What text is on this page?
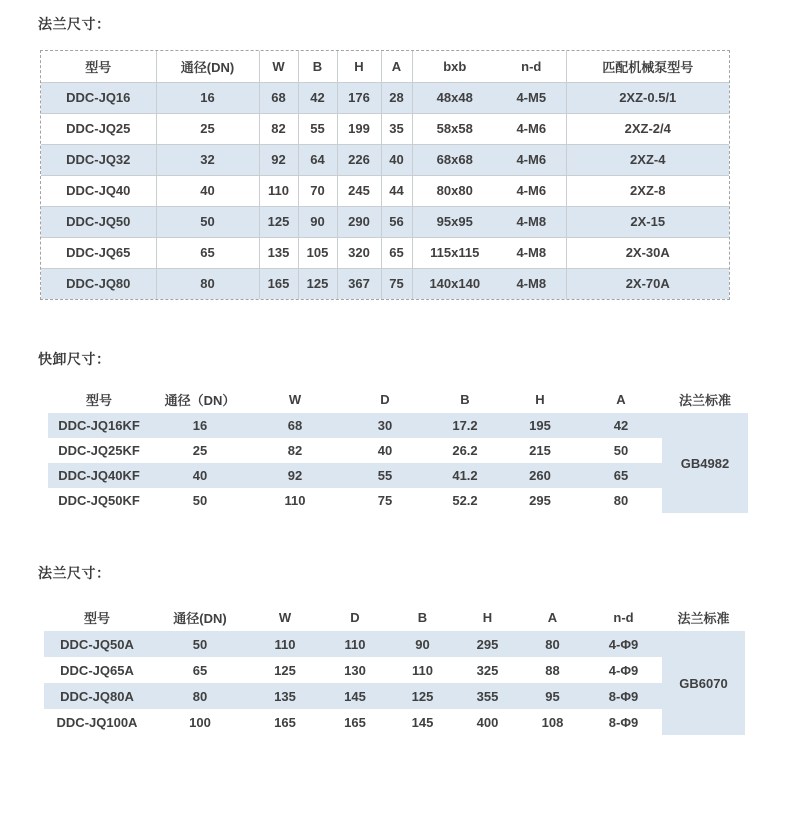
法兰尺寸：
型号	通径(DN)	W	B	H	A	bxb	n-d	匹配机械泵型号
DDC-JQ16	16	68	42	176	28	48x48	4-M5	2XZ-0.5/1
DDC-JQ25	25	82	55	199	35	58x58	4-M6	2XZ-2/4
DDC-JQ32	32	92	64	226	40	68x68	4-M6	2XZ-4
DDC-JQ40	40	110	70	245	44	80x80	4-M6	2XZ-8
DDC-JQ50	50	125	90	290	56	95x95	4-M8	2X-15
DDC-JQ65	65	135	105	320	65	115x115	4-M8	2X-30A
DDC-JQ80	80	165	125	367	75	140x140	4-M8	2X-70A
快卸尺寸：
型号	通径（DN）	W	D	B	H	A	法兰标准
DDC-JQ16KF	16	68	30	17.2	195	42	GB4982
DDC-JQ25KF	25	82	40	26.2	215	50	
DDC-JQ40KF	40	92	55	41.2	260	65	
DDC-JQ50KF	50	110	75	52.2	295	80	
法兰尺寸：
型号	通径(DN)	W	D	B	H	A	n-d	法兰标准
DDC-JQ50A	50	110	110	90	295	80	4-Φ9	GB6070
DDC-JQ65A	65	125	130	110	325	88	4-Φ9	
DDC-JQ80A	80	135	145	125	355	95	8-Φ9	
DDC-JQ100A	100	165	165	145	400	108	8-Φ9	
